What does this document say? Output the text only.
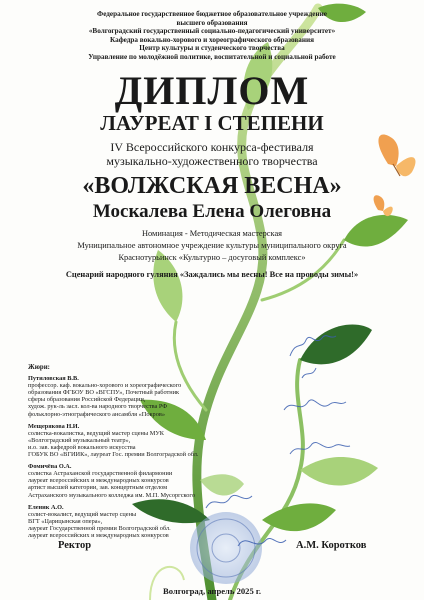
Федеральное государственное бюджетное образовательное учреждение
высшего образования
«Волгоградский государственный социально-педагогический университет»
Кафедра вокально-хорового и хореографического образования
Центр культуры и студенческого творчества
Управление по молодёжной политике, воспитательной и социальной работе
ДИПЛОМ
ЛАУРЕАТ I СТЕПЕНИ
IV Всероссийского конкурса-фестиваля
музыкально-художественного творчества
«ВОЛЖСКАЯ ВЕСНА»
Москалева Елена Олеговна
Номинация - Методическая мастерская
Муниципальное автономное учреждение культуры муниципального округа
Краснотурьинск «Культурно – досуговый комплекс»
Сценарий народного гуляния «Заждались мы весны! Все на проводы зимы!»
Жюри:
Путиловская В.В.
профессор. каф. вокально-хорового и хореографического
образования ФГБОУ ВО «ВГСПУ», Почетный работник
сферы образования Российской Федерации,
худож. рук-ль засл. кол-ва народного творчества РФ
фольклорно-этнографического ансамбля «Покров»
Мещерякова Н.И.
солистка-вокалистка, ведущий мастер сцены МУК
«Волгоградский музыкальный театр»,
и.о. зав. кафедрой вокального искусства
ГОБУК ВО «ВГИИК», лауреат Гос. премии Волгоградской обл.
Фомичёва О.А.
солистка Астраханской государственной филармонии
лауреат всероссийских и международных конкурсов
артист высшей категории, зав. концертным отделом
Астраханского музыкального колледжа им. М.П. Мусоргского
Еленик А.О.
солист-вокалист, ведущий мастер сцены
ВГТ «Царицынская опера»,
лауреат Государственной премии Волгоградской обл.
лауреат всероссийских и международных конкурсов
Ректор	А.М. Коротков
Волгоград, апрель 2025 г.
